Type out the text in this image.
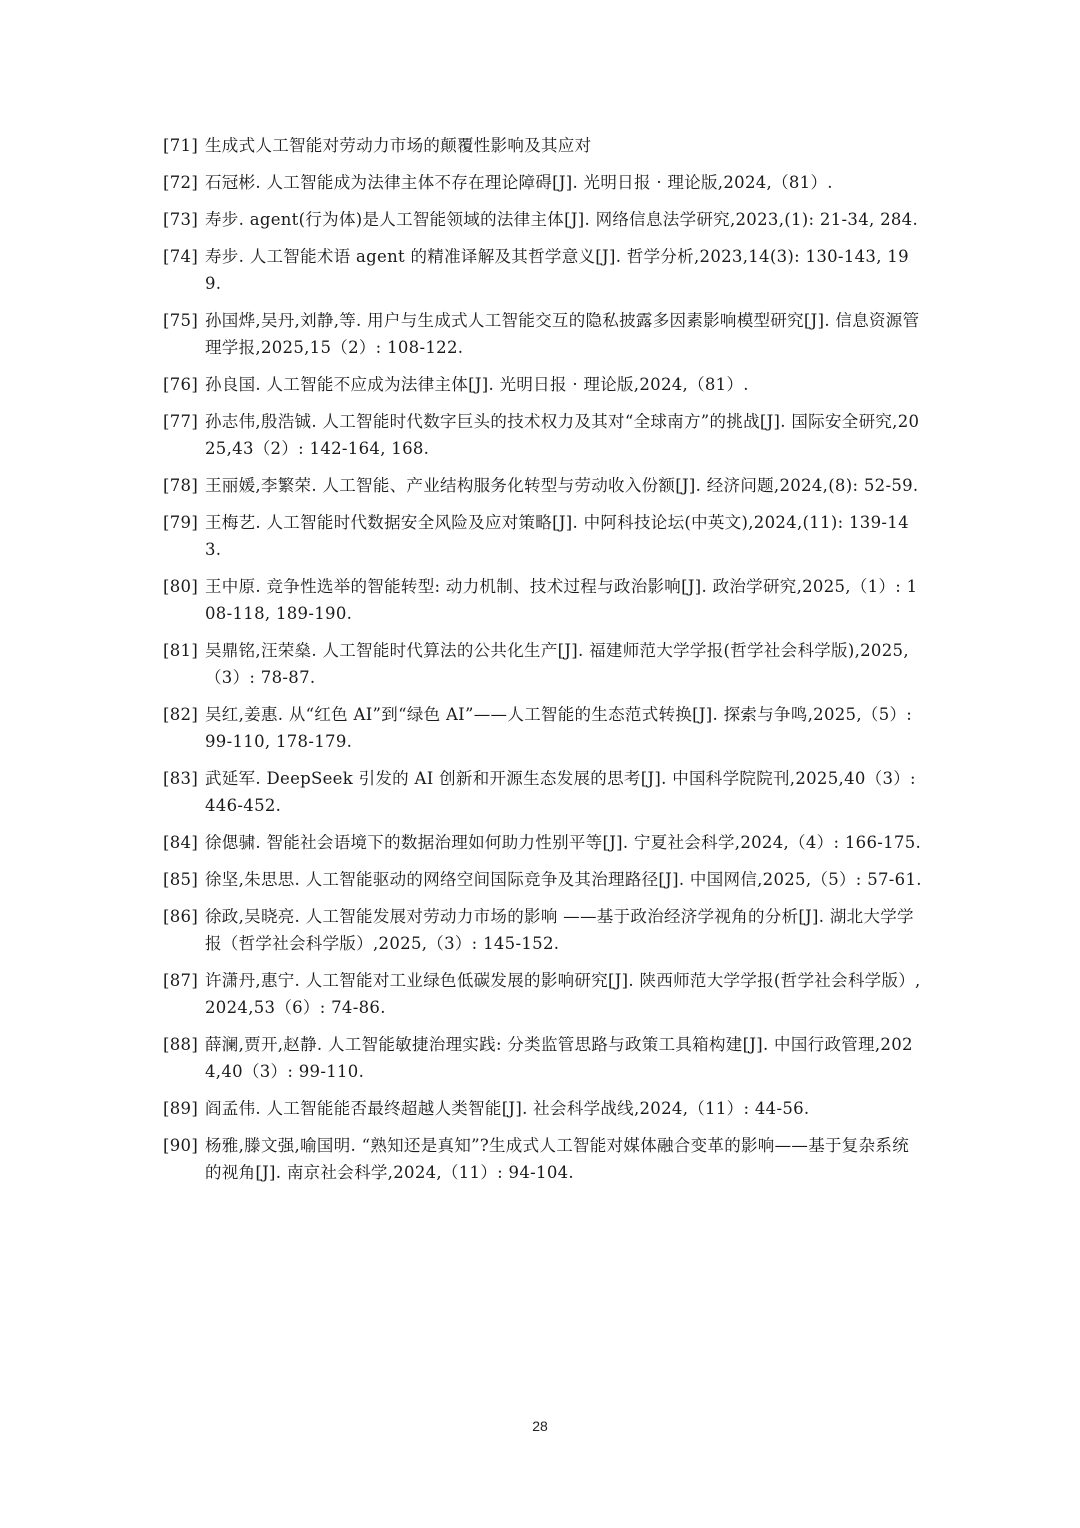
[71] 生成式人工智能对劳动力市场的颠覆性影响及其应对
[72] 石冠彬. 人工智能成为法律主体不存在理论障碍[J]. 光明日报 · 理论版,2024,（81）.
[73] 寿步. agent(行为体)是人工智能领域的法律主体[J]. 网络信息法学研究,2023,(1): 21-34, 284.
[74] 寿步. 人工智能术语 agent 的精准译解及其哲学意义[J]. 哲学分析,2023,14(3): 130-143, 199.
[75] 孙国烨,吴丹,刘静,等. 用户与生成式人工智能交互的隐私披露多因素影响模型研究[J]. 信息资源管理学报,2025,15（2）: 108-122.
[76] 孙良国. 人工智能不应成为法律主体[J]. 光明日报 · 理论版,2024,（81）.
[77] 孙志伟,殷浩铖. 人工智能时代数字巨头的技术权力及其对“全球南方”的挑战[J]. 国际安全研究,2025,43（2）: 142-164, 168.
[78] 王丽媛,李繁荣. 人工智能、产业结构服务化转型与劳动收入份额[J]. 经济问题,2024,(8): 52-59.
[79] 王梅艺. 人工智能时代数据安全风险及应对策略[J]. 中阿科技论坛(中英文),2024,(11): 139-143.
[80] 王中原. 竞争性选举的智能转型: 动力机制、技术过程与政治影响[J]. 政治学研究,2025,（1）: 108-118, 189-190.
[81] 吴鼎铭,汪荣燊. 人工智能时代算法的公共化生产[J]. 福建师范大学学报(哲学社会科学版),2025,（3）: 78-87.
[82] 吴红,姜惠. 从“红色 AI”到“绿色 AI”——人工智能的生态范式转换[J]. 探索与争鸣,2025,（5）: 99-110, 178-179.
[83] 武延军. DeepSeek 引发的 AI 创新和开源生态发展的思考[J]. 中国科学院院刊,2025,40（3）: 446-452.
[84] 徐偲骕. 智能社会语境下的数据治理如何助力性别平等[J]. 宁夏社会科学,2024,（4）: 166-175.
[85] 徐坚,朱思思. 人工智能驱动的网络空间国际竞争及其治理路径[J]. 中国网信,2025,（5）: 57-61.
[86] 徐政,吴晓亮. 人工智能发展对劳动力市场的影响 ——基于政治经济学视角的分析[J]. 湖北大学学报（哲学社会科学版）,2025,（3）: 145-152.
[87] 许潇丹,惠宁. 人工智能对工业绿色低碳发展的影响研究[J]. 陕西师范大学学报(哲学社会科学版）,2024,53（6）: 74-86.
[88] 薛澜,贾开,赵静. 人工智能敏捷治理实践: 分类监管思路与政策工具箱构建[J]. 中国行政管理,2024,40（3）: 99-110.
[89] 阎孟伟. 人工智能能否最终超越人类智能[J]. 社会科学战线,2024,（11）: 44-56.
[90] 杨雅,滕文强,喻国明. “熟知还是真知”?生成式人工智能对媒体融合变革的影响——基于复杂系统的视角[J]. 南京社会科学,2024,（11）: 94-104.
28
